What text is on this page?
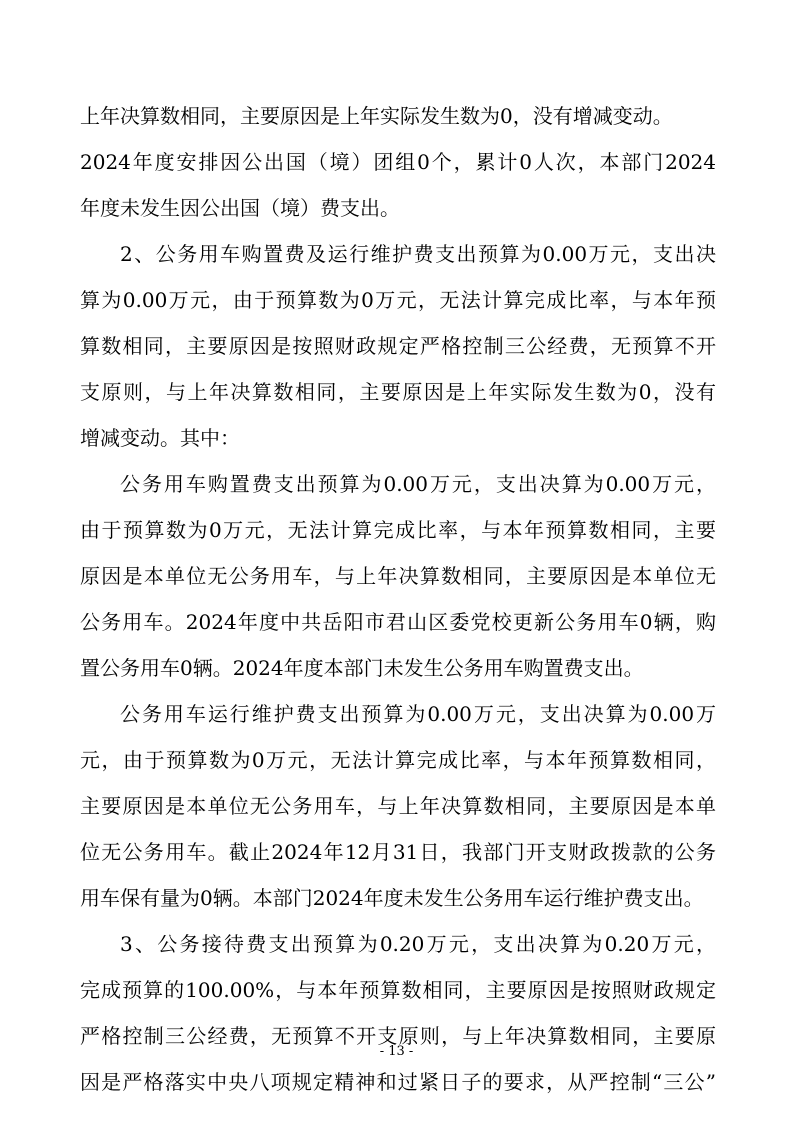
上年决算数相同，主要原因是上年实际发生数为0，没有增减变动。
2024年度安排因公出国（境）团组0个，累计0人次，本部门2024
年度未发生因公出国（境）费支出。
2、公务用车购置费及运行维护费支出预算为0.00万元，支出决
算为0.00万元，由于预算数为0万元，无法计算完成比率，与本年预
算数相同，主要原因是按照财政规定严格控制三公经费，无预算不开
支原则，与上年决算数相同，主要原因是上年实际发生数为0，没有
增减变动。其中：
公务用车购置费支出预算为0.00万元，支出决算为0.00万元，
由于预算数为0万元，无法计算完成比率，与本年预算数相同，主要
原因是本单位无公务用车，与上年决算数相同，主要原因是本单位无
公务用车。2024年度中共岳阳市君山区委党校更新公务用车0辆，购
置公务用车0辆。2024年度本部门未发生公务用车购置费支出。
公务用车运行维护费支出预算为0.00万元，支出决算为0.00万
元，由于预算数为0万元，无法计算完成比率，与本年预算数相同，
主要原因是本单位无公务用车，与上年决算数相同，主要原因是本单
位无公务用车。截止2024年12月31日，我部门开支财政拨款的公务
用车保有量为0辆。本部门2024年度未发生公务用车运行维护费支出。
3、公务接待费支出预算为0.20万元，支出决算为0.20万元，
完成预算的100.00%，与本年预算数相同，主要原因是按照财政规定
严格控制三公经费，无预算不开支原则，与上年决算数相同，主要原
因是严格落实中央八项规定精神和过紧日子的要求，从严控制“三公”
- 13 -
